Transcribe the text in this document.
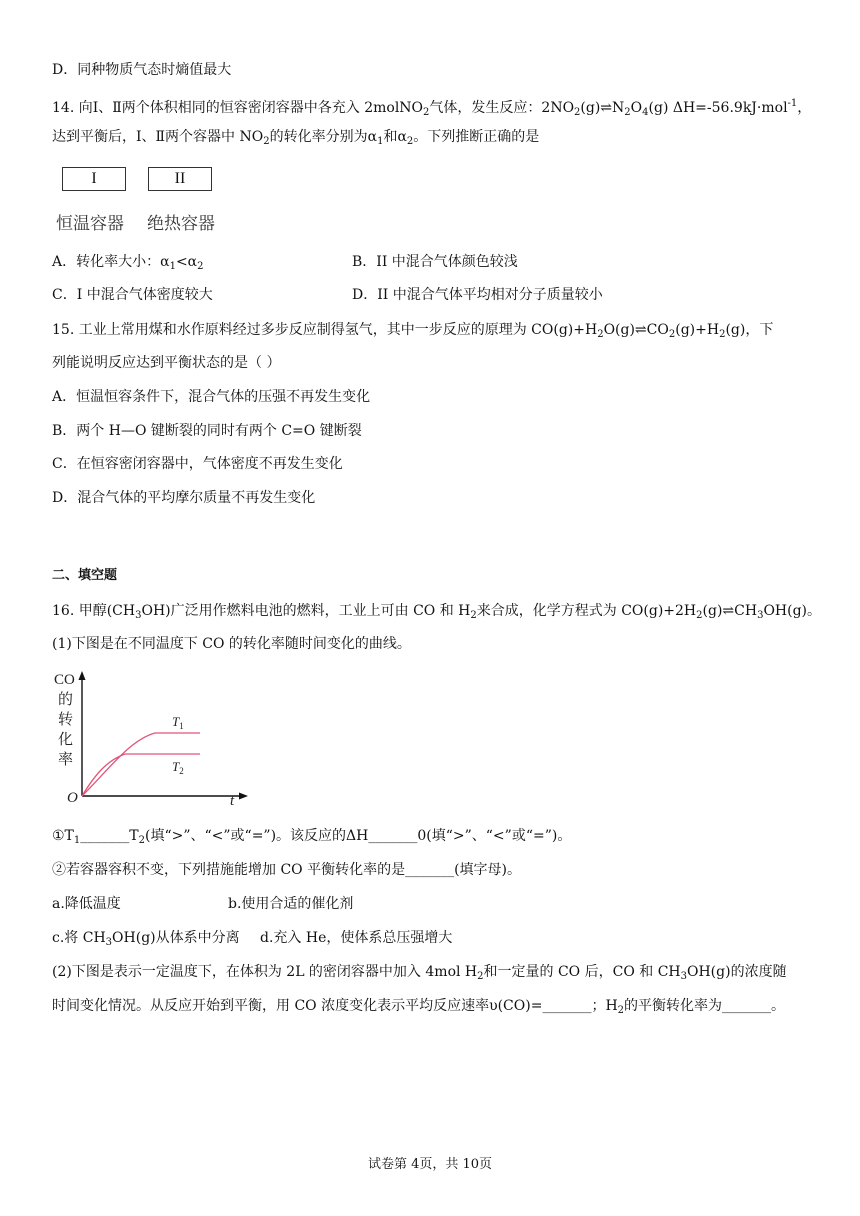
D．同种物质气态时熵值最大
14. 向Ⅰ、Ⅱ两个体积相同的恒容密闭容器中各充入 2molNO$_2$气体，发生反应：$2NO_2(g)\rightleftharpoons N_2O_4(g)$ ΔH=-56.9kJ·mol$^{-1}$，
达到平衡后，Ⅰ、Ⅱ两个容器中 $NO_2$的转化率分别为$\alpha_1$和$\alpha_2$。下列推断正确的是
I	II
恒温容器 绝热容器
A．转化率大小：$\alpha_1<\alpha_2$	B．II 中混合气体颜色较浅
C．I 中混合气体密度较大	D．II 中混合气体平均相对分子质量较小
15. 工业上常用煤和水作原料经过多步反应制得氢气，其中一步反应的原理为 $CO(g)+H_2O(g)\rightleftharpoons CO_2(g)+H_2(g)$，下
列能说明反应达到平衡状态的是（ ）
A．恒温恒容条件下，混合气体的压强不再发生变化
B．两个 H—O 键断裂的同时有两个 C=O 键断裂
C．在恒容密闭容器中，气体密度不再发生变化
D．混合气体的平均摩尔质量不再发生变化
二、填空题
16. 甲醇$(CH_3OH)$广泛用作燃料电池的燃料，工业上可由 CO 和 $H_2$来合成，化学方程式为 $CO(g)+2H_2(g)\rightleftharpoons CH_3OH(g)$。
(1)下图是在不同温度下 CO 的转化率随时间变化的曲线。
CO
的
转
化
率
O	t
$T_1$
$T_2$
$①T_1\_\_\_\_\_\_\_T_2$(填“>”、“<”或“=”)。该反应的ΔH_______0(填“>”、“<”或“=”)。
②若容器容积不变，下列措施能增加 CO 平衡转化率的是_______(填字母)。
a.降低温度	b.使用合适的催化剂
c.将 $CH_3OH(g)$从体系中分离 d.充入 He，使体系总压强增大
(2)下图是表示一定温度下，在体积为 2L 的密闭容器中加入 4mol $H_2$和一定量的 CO 后，CO 和 $CH_3OH(g)$的浓度随
时间变化情况。从反应开始到平衡，用 CO 浓度变化表示平均反应速率υ(CO)=_______；$H_2$的平衡转化率为_______。
试卷第 4页，共 10页
